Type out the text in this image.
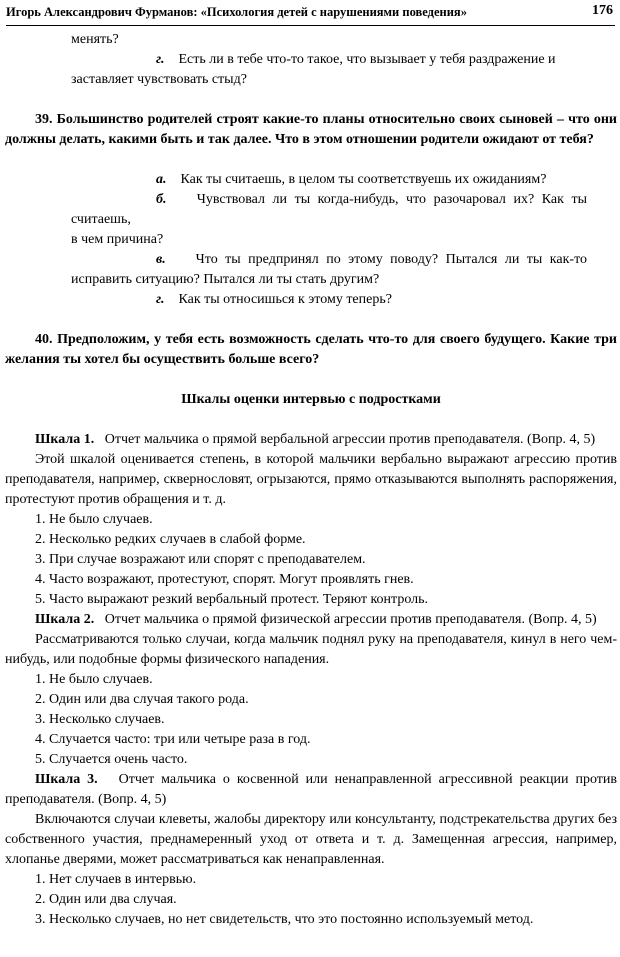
Игорь Александрович Фурманов: «Психология детей с нарушениями поведения»	176

менять?

г. Есть ли в тебе что-то такое, что вызывает у тебя раздражение и

заставляет чувствовать стыд?

39. Большинство родителей строят какие-то планы относительно своих сыновей – что они должны делать, какими быть и так далее. Что в этом отношении родители ожидают от тебя?

а. Как ты считаешь, в целом ты соответствуешь их ожиданиям?

б. Чувствовал ли ты когда-нибудь, что разочаровал их? Как ты считаешь,

в чем причина?

в. Что ты предпринял по этому поводу? Пытался ли ты как-то исправить ситуацию? Пытался ли ты стать другим?

г. Как ты относишься к этому теперь?

40. Предположим, у тебя есть возможность сделать что-то для своего будущего. Какие три желания ты хотел бы осуществить больше всего?

Шкалы оценки интервью с подростками

Шкала 1. Отчет мальчика о прямой вербальной агрессии против преподавателя. (Вопр. 4, 5)

Этой шкалой оценивается степень, в которой мальчики вербально выражают агрессию против преподавателя, например, сквернословят, огрызаются, прямо отказываются выполнять распоряжения, протестуют против обращения и т. д.

1. Не было случаев.

2. Несколько редких случаев в слабой форме.

3. При случае возражают или спорят с преподавателем.

4. Часто возражают, протестуют, спорят. Могут проявлять гнев.

5. Часто выражают резкий вербальный протест. Теряют контроль.

Шкала 2. Отчет мальчика о прямой физической агрессии против преподавателя. (Вопр. 4, 5)

Рассматриваются только случаи, когда мальчик поднял руку на преподавателя, кинул в него чем-нибудь, или подобные формы физического нападения.

1. Не было случаев.

2. Один или два случая такого рода.

3. Несколько случаев.

4. Случается часто: три или четыре раза в год.

5. Случается очень часто.

Шкала 3. Отчет мальчика о косвенной или ненаправленной агрессивной реакции против преподавателя. (Вопр. 4, 5)

Включаются случаи клеветы, жалобы директору или консультанту, подстрекательства других без собственного участия, преднамеренный уход от ответа и т. д. Замещенная агрессия, например, хлопанье дверями, может рассматриваться как ненаправленная.

1. Нет случаев в интервью.

2. Один или два случая.

3. Несколько случаев, но нет свидетельств, что это постоянно используемый метод.
